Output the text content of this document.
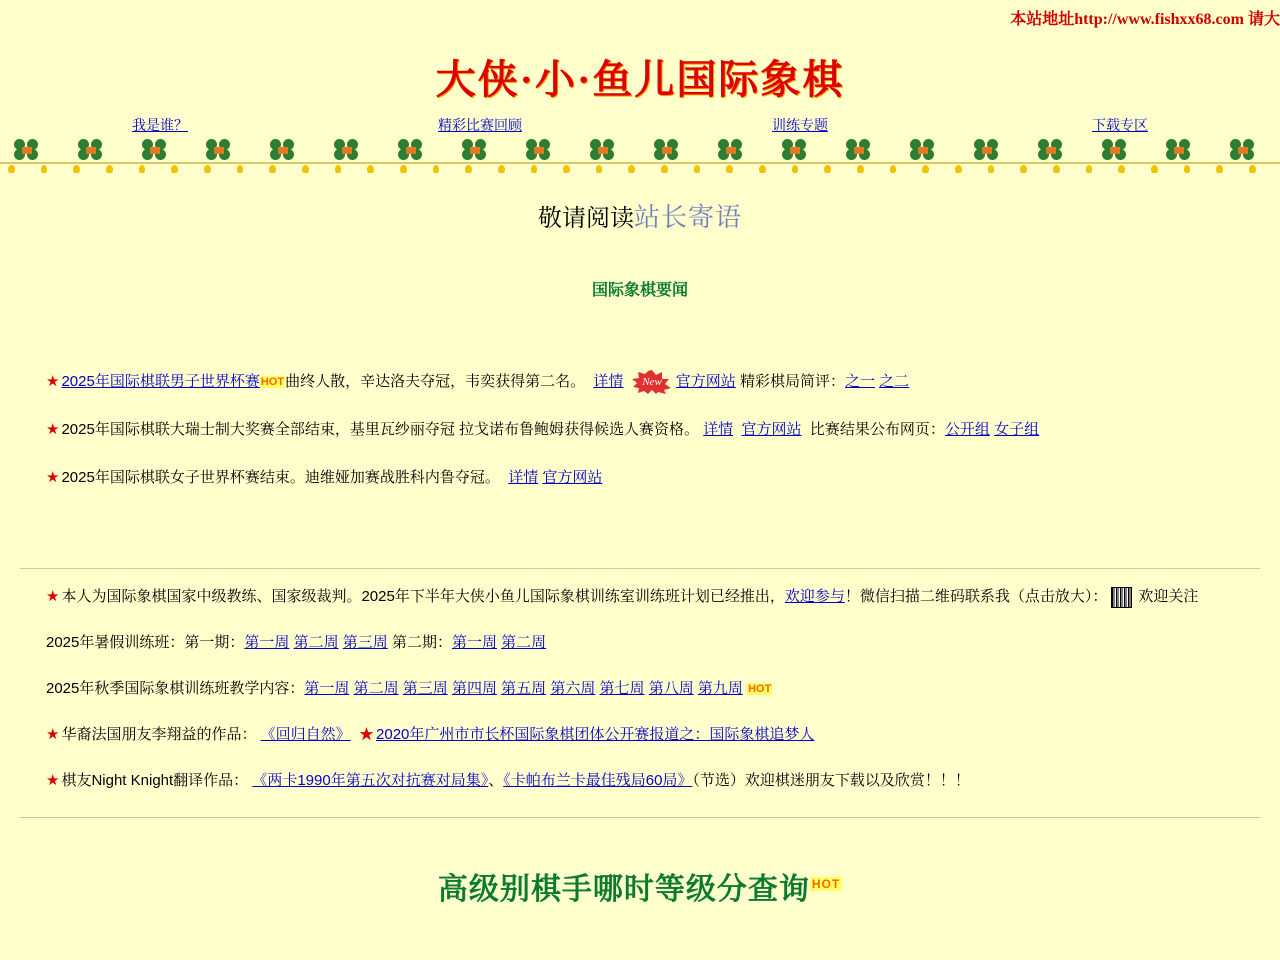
本站地址http://www.fishxx68.com 请大
大侠·小·鱼儿国际象棋
我是谁？	精彩比赛回顾	训练专题	下载专区
敬请阅读站长寄语
国际象棋要闻
★ 2025年国际棋联男子世界杯赛HOT曲终人散，辛达洛夫夺冠，韦奕获得第二名。 详情 New 官方网站 精彩棋局简评：之一 之二
★ 2025年国际棋联大瑞士制大奖赛全部结束，基里瓦纱丽夺冠 拉戈诺布鲁鲍姆获得候选人赛资格。 详情 官方网站 比赛结果公布网页：公开组 女子组
★ 2025年国际棋联女子世界杯赛结束。迪维娅加赛战胜科内鲁夺冠。 详情 官方网站
★ 本人为国际象棋国家中级教练、国家级裁判。2025年下半年大侠小鱼儿国际象棋训练室训练班计划已经推出，欢迎参与！微信扫描二维码联系我（点击放大）： 欢迎关注
2025年暑假训练班：第一期：第一周 第二周 第三周 第二期：第一周 第二周
2025年秋季国际象棋训练班教学内容：第一周 第二周 第三周 第四周 第五周 第六周 第七周 第八周 第九周 HOT
★ 华裔法国朋友李翔益的作品： 《回归自然》 ★ 2020年广州市市长杯国际象棋团体公开赛报道之：国际象棋追梦人
★ 棋友Night Knight翻译作品： 《两卡1990年第五次对抗赛对局集》、《卡帕布兰卡最佳残局60局》（节选）欢迎棋迷朋友下载以及欣赏！！！
高级别棋手哪时等级分查询 $^{HOT}$
